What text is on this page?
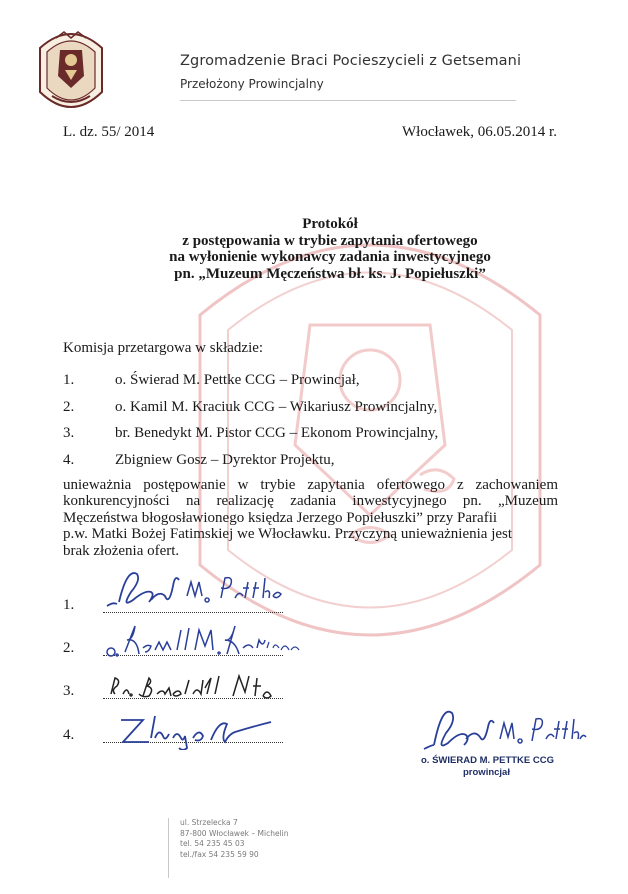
Zgromadzenie Braci Pocieszycieli z Getsemani
Przełożony Prowincjalny
L. dz. 55/ 2014	Włocławek, 06.05.2014 r.
Protokół
z postępowania w trybie zapytania ofertowego
na wyłonienie wykonawcy zadania inwestycyjnego
pn. „Muzeum Męczeństwa bł. ks. J. Popiełuszki”
Komisja przetargowa w składzie:
1.	o. Świerad M. Pettke CCG – Prowincjał,
2.	o. Kamil M. Kraciuk CCG – Wikariusz Prowincjalny,
3.	br. Benedykt M. Pistor CCG – Ekonom Prowincjalny,
4.	Zbigniew Gosz – Dyrektor Projektu,
unieważnia postępowanie w trybie zapytania ofertowego z zachowaniem
konkurencyjności na realizację zadania inwestycyjnego pn. „Muzeum
Męczeństwa błogosławionego księdza Jerzego Popiełuszki” przy Parafii
p.w. Matki Bożej Fatimskiej we Włocławku. Przyczyną unieważnienia jest
brak złożenia ofert.
1.
2.
3.
4.
o. ŚWIERAD M. PETTKE CCG
prowincjał
ul. Strzelecka 7
87-800 Włocławek – Michelin
tel. 54 235 45 03
tel./fax 54 235 59 90
